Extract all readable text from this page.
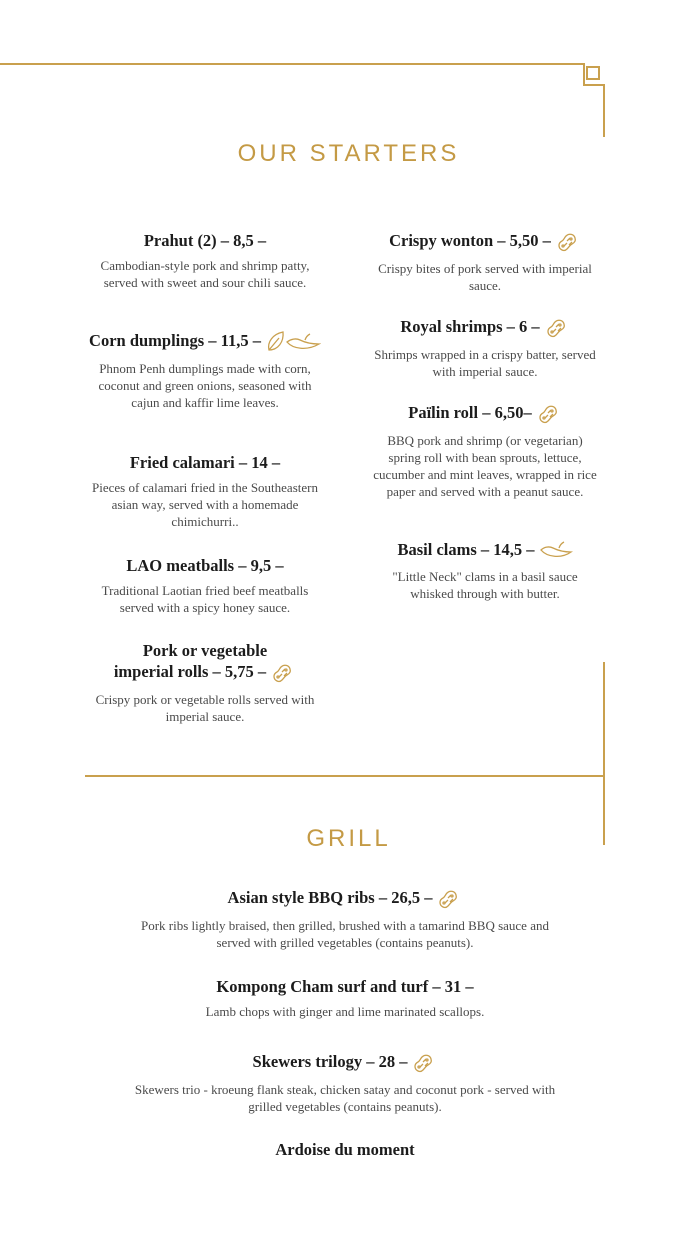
OUR STARTERS
Prahut (2) – 8,5 –
Cambodian-style pork and shrimp patty, served with sweet and sour chili sauce.
Corn dumplings – 11,5 –
Phnom Penh dumplings made with corn, coconut and green onions, seasoned with cajun and kaffir lime leaves.
Fried calamari – 14 –
Pieces of calamari fried in the Southeastern asian way, served with a homemade chimichurri..
LAO meatballs – 9,5 –
Traditional Laotian fried beef meatballs served with a spicy honey sauce.
Pork or vegetable
imperial rolls – 5,75 –
Crispy pork or vegetable rolls served with imperial sauce.
Crispy wonton – 5,50 –
Crispy bites of pork served with imperial sauce.
Royal shrimps – 6 –
Shrimps wrapped in a crispy batter, served with imperial sauce.
Païlin roll – 6,50–
BBQ pork and shrimp (or vegetarian) spring roll with bean sprouts, lettuce, cucumber and mint leaves, wrapped in rice paper and served with a peanut sauce.
Basil clams – 14,5 –
"Little Neck" clams in a basil sauce whisked through with butter.
GRILL
Asian style BBQ ribs – 26,5 –
Pork ribs lightly braised, then grilled, brushed with a tamarind BBQ sauce and served with grilled vegetables (contains peanuts).
Kompong Cham surf and turf – 31 –
Lamb chops with ginger and lime marinated scallops.
Skewers trilogy – 28 –
Skewers trio - kroeung flank steak, chicken satay and coconut pork - served with grilled vegetables (contains peanuts).
Ardoise du moment
